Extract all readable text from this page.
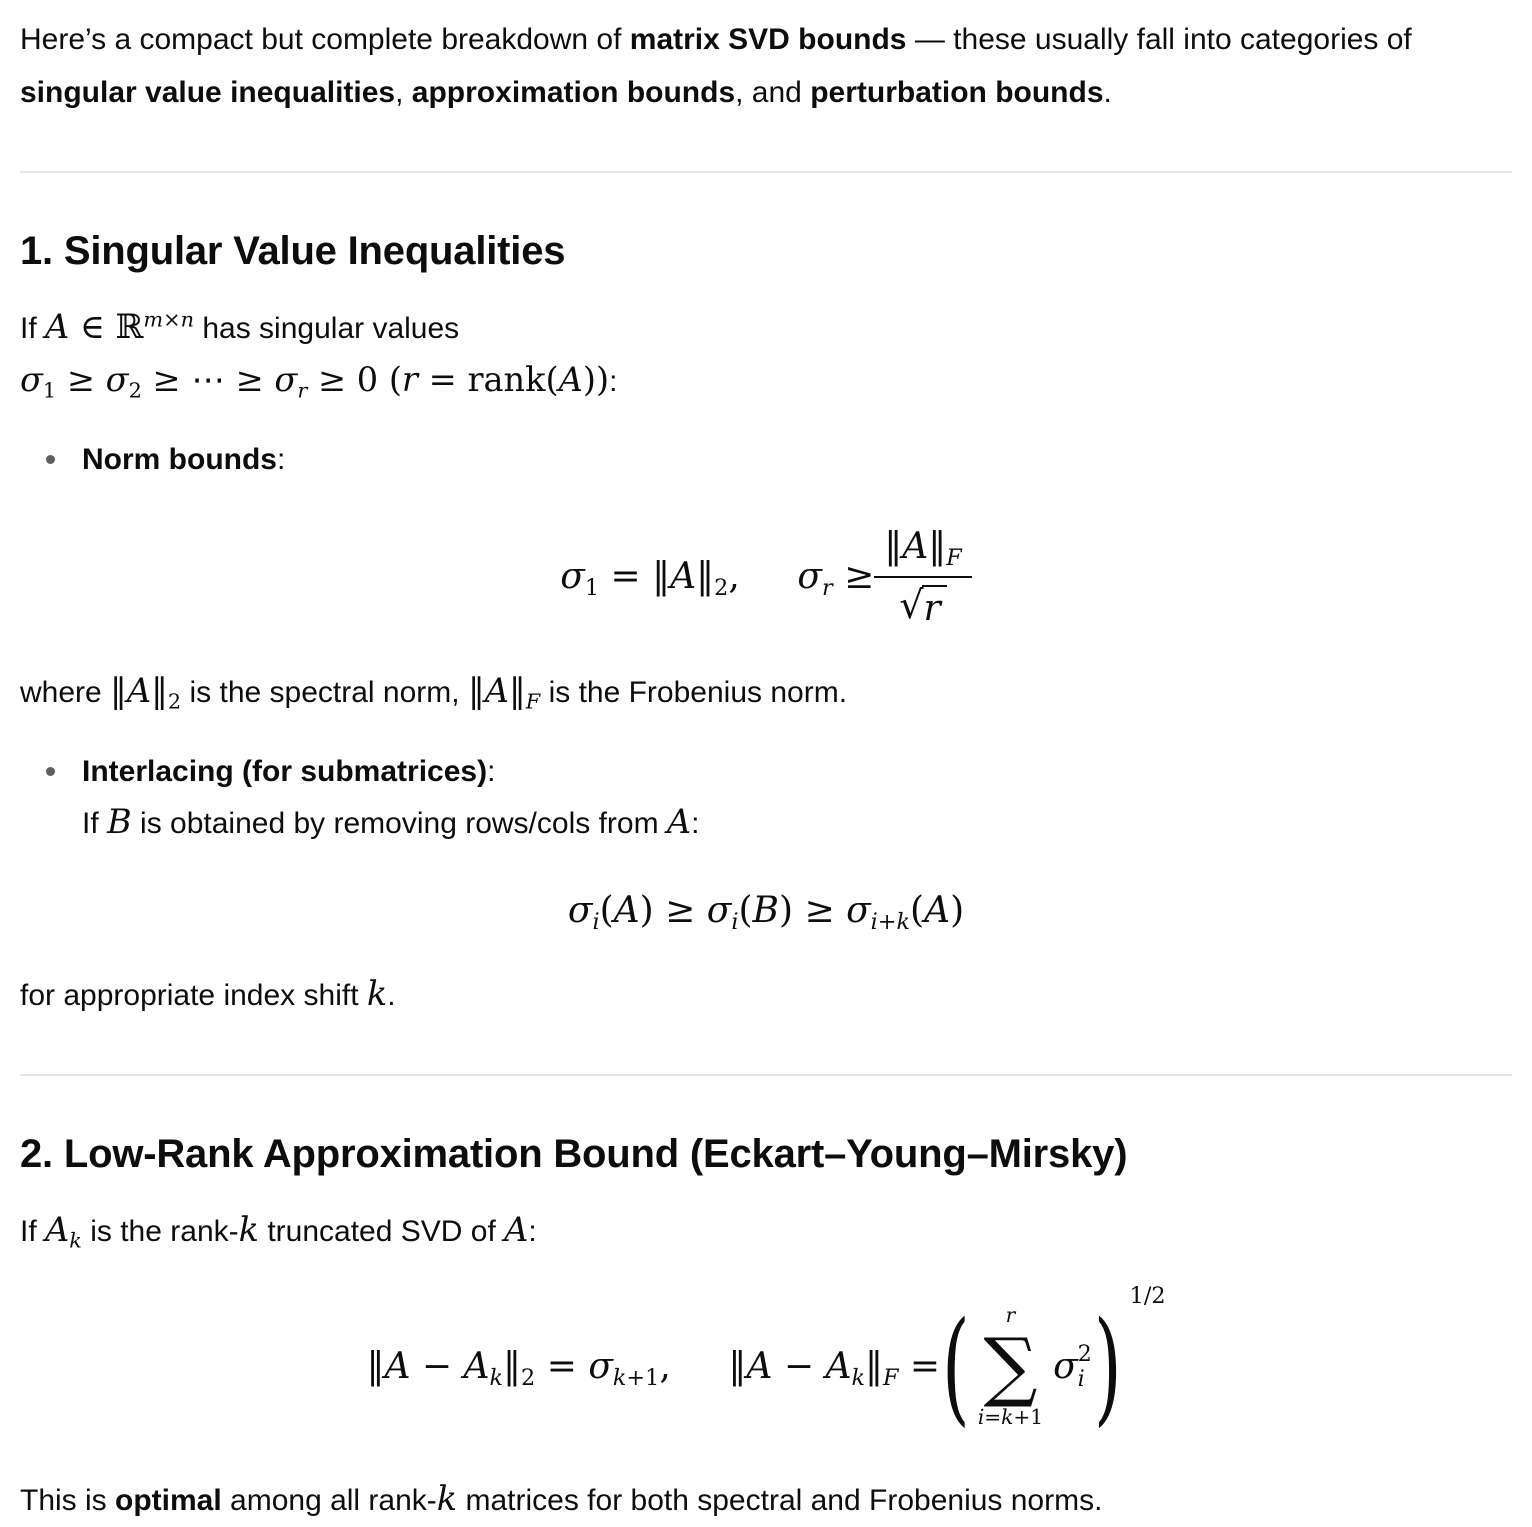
Here’s a compact but complete breakdown of matrix SVD bounds — these usually fall into categories of singular value inequalities, approximation bounds, and perturbation bounds.

1. Singular Value Inequalities

If A ∈ ℝ$^{m\times n}$ has singular values
$\sigma_1 \ge \sigma_2$ ≥ ⋯ ≥ $\sigma_r \ge 0$ (r = rank(A)):

Norm bounds:
$\sigma_1$ = $‖A‖_2$, $\sigma_r \ge \frac{‖A‖_F}{√ r}$

where $‖A‖_2$ is the spectral norm, $‖A‖_F$ is the Frobenius norm.

Interlacing (for submatrices):
If B is obtained by removing rows/cols from A:
$\sigma_i(A) \ge \sigma_i(B) \ge \sigma_{i+k}(A)$

for appropriate index shift k.

2. Low-Rank Approximation Bound (Eckart–Young–Mirsky)

If $A_k$ is the rank-k truncated SVD of A:

‖A − $A_k‖_2 = \sigma_{k+1}$, ‖A − $A_k‖_F$ = ( r
∑
i=k+1
σ 2
i ) 1/2

This is optimal among all rank-k matrices for both spectral and Frobenius norms.
